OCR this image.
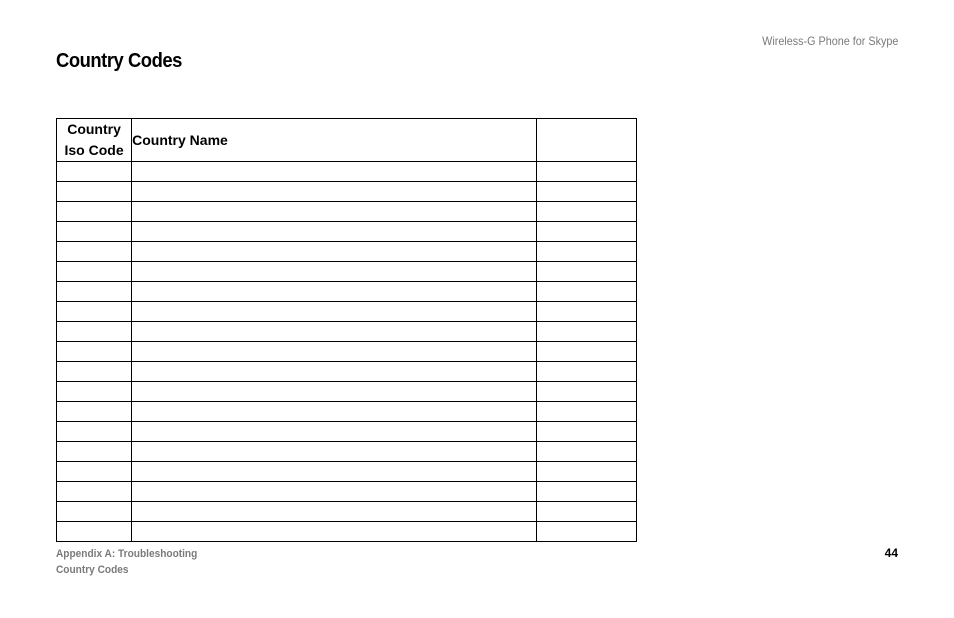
Wireless-G Phone for Skype
Country Codes
Country
Iso Code	Country Name	

Appendix A: Troubleshooting
Country Codes
44
